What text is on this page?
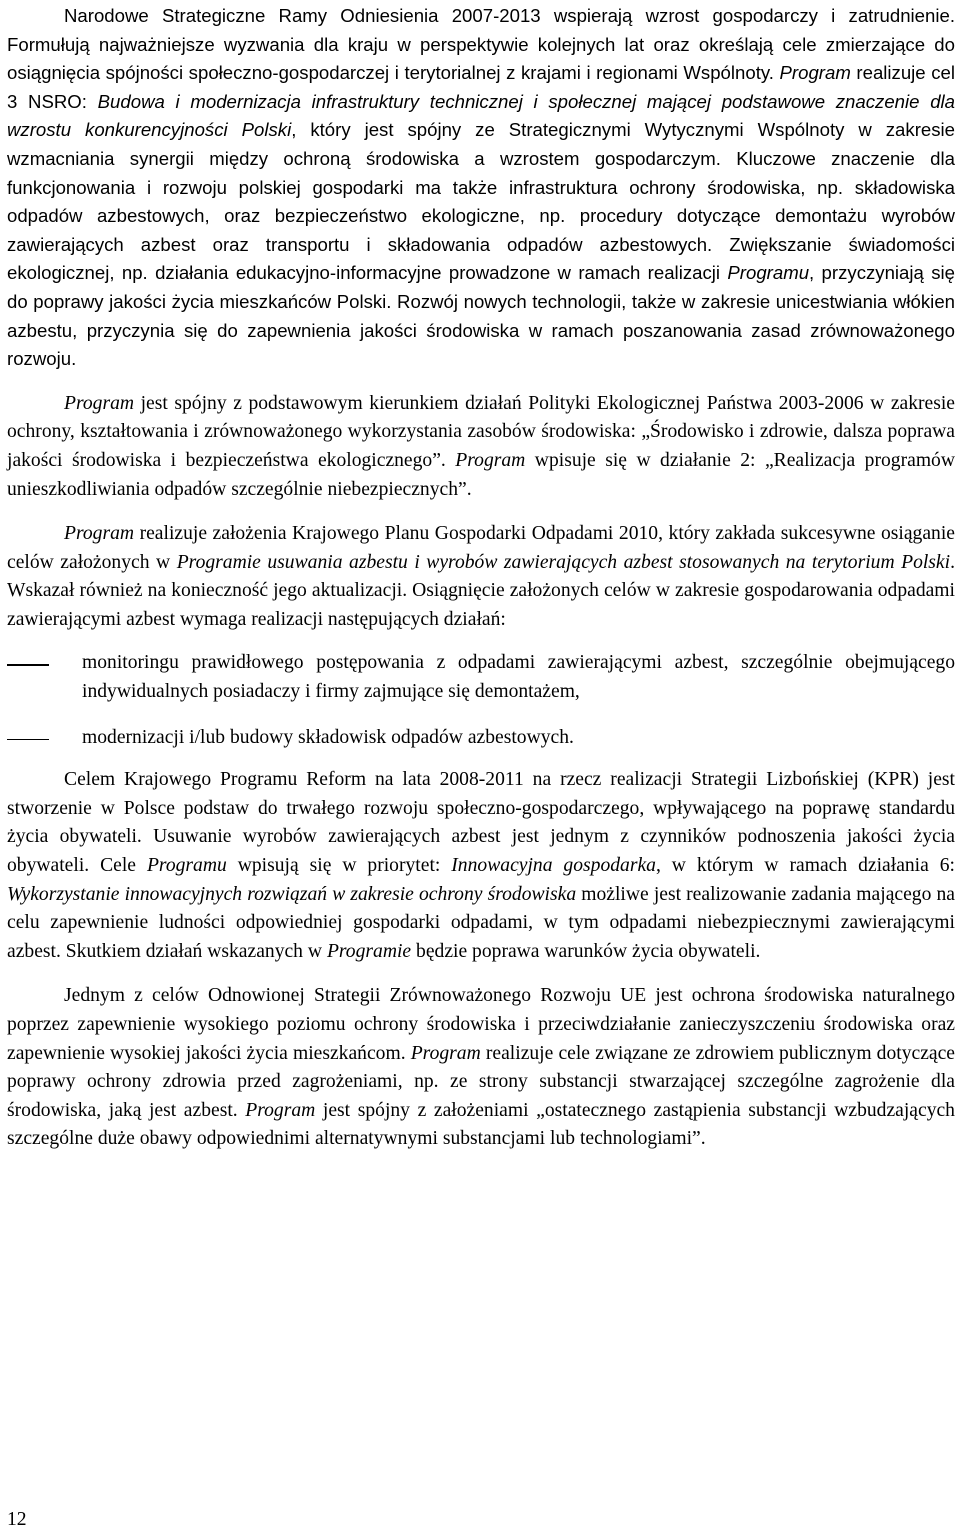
Narodowe Strategiczne Ramy Odniesienia 2007-2013 wspierają wzrost gospodarczy i zatrudnienie. Formułują najważniejsze wyzwania dla kraju w perspektywie kolejnych lat oraz określają cele zmierzające do osiągnięcia spójności społeczno-gospodarczej i terytorialnej z krajami i regionami Wspólnoty. Program realizuje cel 3 NSRO: Budowa i modernizacja infrastruktury technicznej i społecznej mającej podstawowe znaczenie dla wzrostu konkurencyjności Polski, który jest spójny ze Strategicznymi Wytycznymi Wspólnoty w zakresie wzmacniania synergii między ochroną środowiska a wzrostem gospodarczym. Kluczowe znaczenie dla funkcjonowania i rozwoju polskiej gospodarki ma także infrastruktura ochrony środowiska, np. składowiska odpadów azbestowych, oraz bezpieczeństwo ekologiczne, np. procedury dotyczące demontażu wyrobów zawierających azbest oraz transportu i składowania odpadów azbestowych. Zwiększanie świadomości ekologicznej, np. działania edukacyjno-informacyjne prowadzone w ramach realizacji Programu, przyczyniają się do poprawy jakości życia mieszkańców Polski. Rozwój nowych technologii, także w zakresie unicestwiania włókien azbestu, przyczynia się do zapewnienia jakości środowiska w ramach poszanowania zasad zrównoważonego rozwoju.

Program jest spójny z podstawowym kierunkiem działań Polityki Ekologicznej Państwa 2003-2006 w zakresie ochrony, kształtowania i zrównoważonego wykorzystania zasobów środowiska: „Środowisko i zdrowie, dalsza poprawa jakości środowiska i bezpieczeństwa ekologicznego”. Program wpisuje się w działanie 2: „Realizacja programów unieszkodliwiania odpadów szczególnie niebezpiecznych”.

Program realizuje założenia Krajowego Planu Gospodarki Odpadami 2010, który zakłada sukcesywne osiąganie celów założonych w Programie usuwania azbestu i wyrobów zawierających azbest stosowanych na terytorium Polski. Wskazał również na konieczność jego aktualizacji. Osiągnięcie założonych celów w zakresie gospodarowania odpadami zawierającymi azbest wymaga realizacji następujących działań:

monitoringu prawidłowego postępowania z odpadami zawierającymi azbest, szczególnie obejmującego indywidualnych posiadaczy i firmy zajmujące się demontażem,
modernizacji i/lub budowy składowisk odpadów azbestowych.

Celem Krajowego Programu Reform na lata 2008-2011 na rzecz realizacji Strategii Lizbońskiej (KPR) jest stworzenie w Polsce podstaw do trwałego rozwoju społeczno-gospodarczego, wpływającego na poprawę standardu życia obywateli. Usuwanie wyrobów zawierających azbest jest jednym z czynników podnoszenia jakości życia obywateli. Cele Programu wpisują się w priorytet: Innowacyjna gospodarka, w którym w ramach działania 6: Wykorzystanie innowacyjnych rozwiązań w zakresie ochrony środowiska możliwe jest realizowanie zadania mającego na celu zapewnienie ludności odpowiedniej gospodarki odpadami, w tym odpadami niebezpiecznymi zawierającymi azbest. Skutkiem działań wskazanych w Programie będzie poprawa warunków życia obywateli.

Jednym z celów Odnowionej Strategii Zrównoważonego Rozwoju UE jest ochrona środowiska naturalnego poprzez zapewnienie wysokiego poziomu ochrony środowiska i przeciwdziałanie zanieczyszczeniu środowiska oraz zapewnienie wysokiej jakości życia mieszkańcom. Program realizuje cele związane ze zdrowiem publicznym dotyczące poprawy ochrony zdrowia przed zagrożeniami, np. ze strony substancji stwarzającej szczególne zagrożenie dla środowiska, jaką jest azbest. Program jest spójny z założeniami „ostatecznego zastąpienia substancji wzbudzających szczególne duże obawy odpowiednimi alternatywnymi substancjami lub technologiami”.

12
